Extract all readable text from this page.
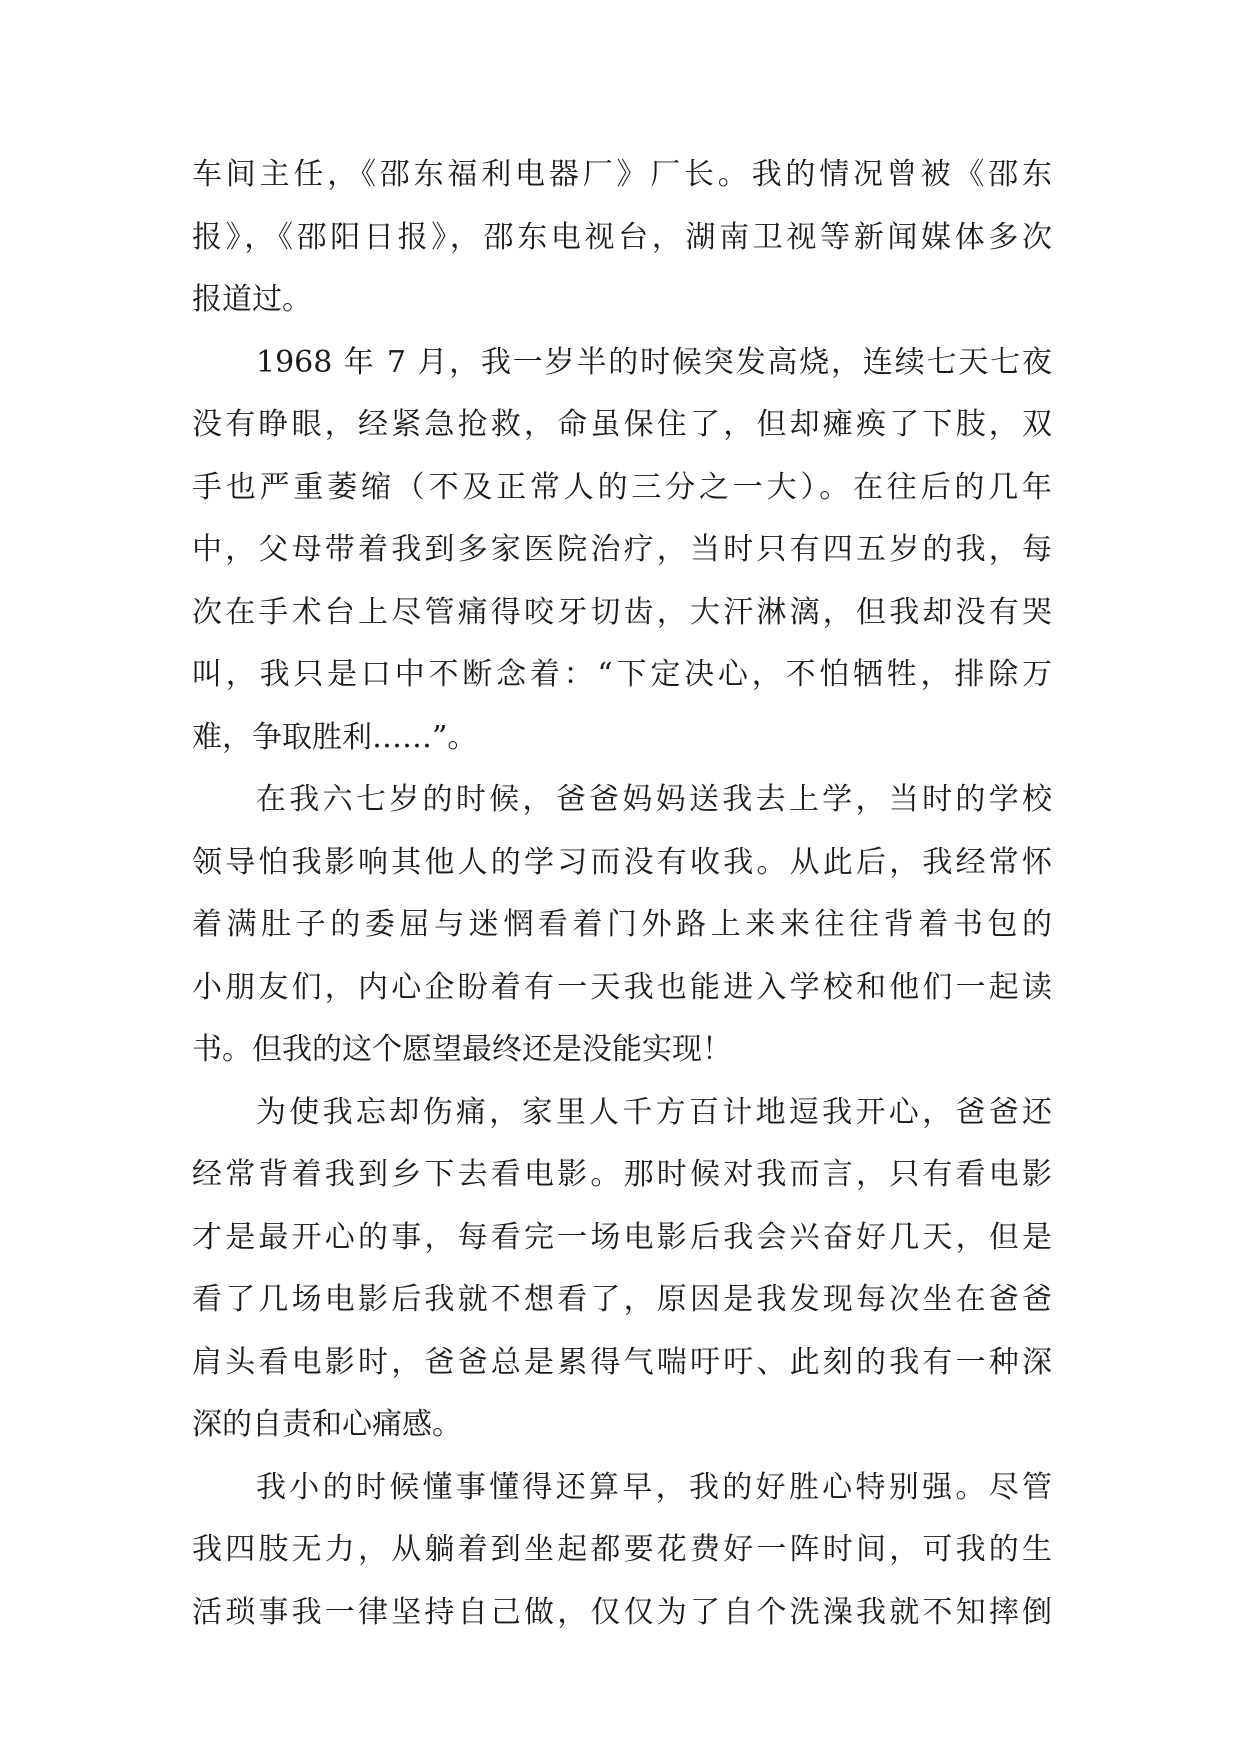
车间主任，《邵东福利电器厂》厂长。我的情况曾被《邵东
报》，《邵阳日报》，邵东电视台，湖南卫视等新闻媒体多次
报道过。
1968 年 7 月，我一岁半的时候突发高烧，连续七天七夜
没有睁眼，经紧急抢救，命虽保住了，但却瘫痪了下肢，双
手也严重萎缩（不及正常人的三分之一大）。在往后的几年
中，父母带着我到多家医院治疗，当时只有四五岁的我，每
次在手术台上尽管痛得咬牙切齿，大汗淋漓，但我却没有哭
叫，我只是口中不断念着：“下定决心，不怕牺牲，排除万
难，争取胜利……”。
在我六七岁的时候，爸爸妈妈送我去上学，当时的学校
领导怕我影响其他人的学习而没有收我。从此后，我经常怀
着满肚子的委屈与迷惘看着门外路上来来往往背着书包的
小朋友们，内心企盼着有一天我也能进入学校和他们一起读
书。但我的这个愿望最终还是没能实现！
为使我忘却伤痛，家里人千方百计地逗我开心，爸爸还
经常背着我到乡下去看电影。那时候对我而言，只有看电影
才是最开心的事，每看完一场电影后我会兴奋好几天，但是
看了几场电影后我就不想看了，原因是我发现每次坐在爸爸
肩头看电影时，爸爸总是累得气喘吁吁、此刻的我有一种深
深的自责和心痛感。
我小的时候懂事懂得还算早，我的好胜心特别强。尽管
我四肢无力，从躺着到坐起都要花费好一阵时间，可我的生
活琐事我一律坚持自己做，仅仅为了自个洗澡我就不知摔倒
